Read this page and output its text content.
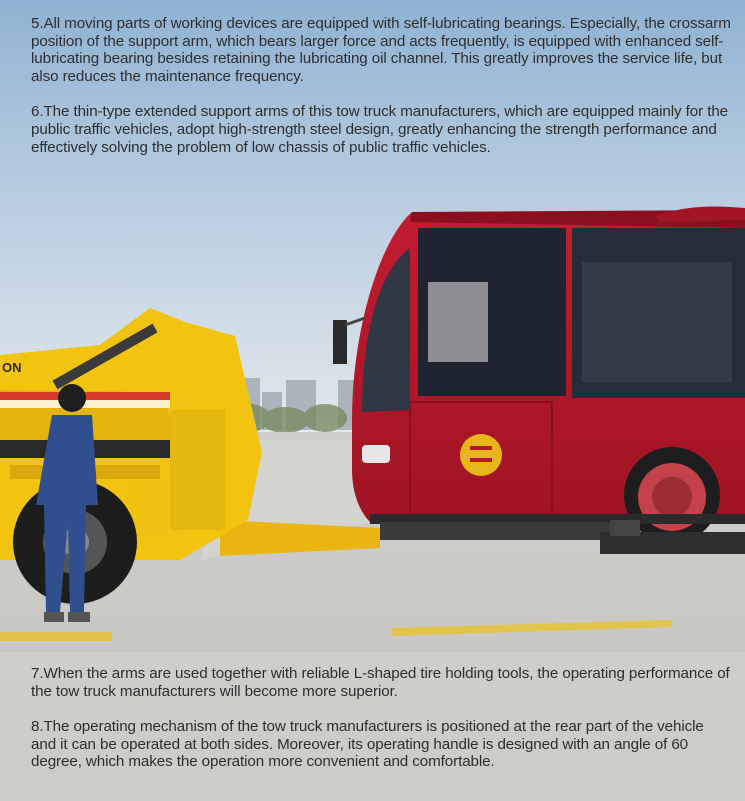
ON

5.All moving parts of working devices are equipped with self-lubricating bearings. Especially, the crossarm position of the support arm, which bears larger force and acts frequently, is equipped with enhanced self-lubricating bearing besides retaining the lubricating oil channel. This greatly improves the service life, but also reduces the maintenance frequency.

6.The thin-type extended support arms of this tow truck manufacturers, which are equipped mainly for the public traffic vehicles, adopt high-strength steel design, greatly enhancing the strength performance and effectively solving the problem of low chassis of public traffic vehicles.

7.When the arms are used together with reliable L-shaped tire holding tools, the operating performance of the tow truck manufacturers will become more superior.

8.The operating mechanism of the tow truck manufacturers is positioned at the rear part of the vehicle and it can be operated at both sides. Moreover, its operating handle is designed with an angle of 60 degree, which makes the operation more convenient and comfortable.
